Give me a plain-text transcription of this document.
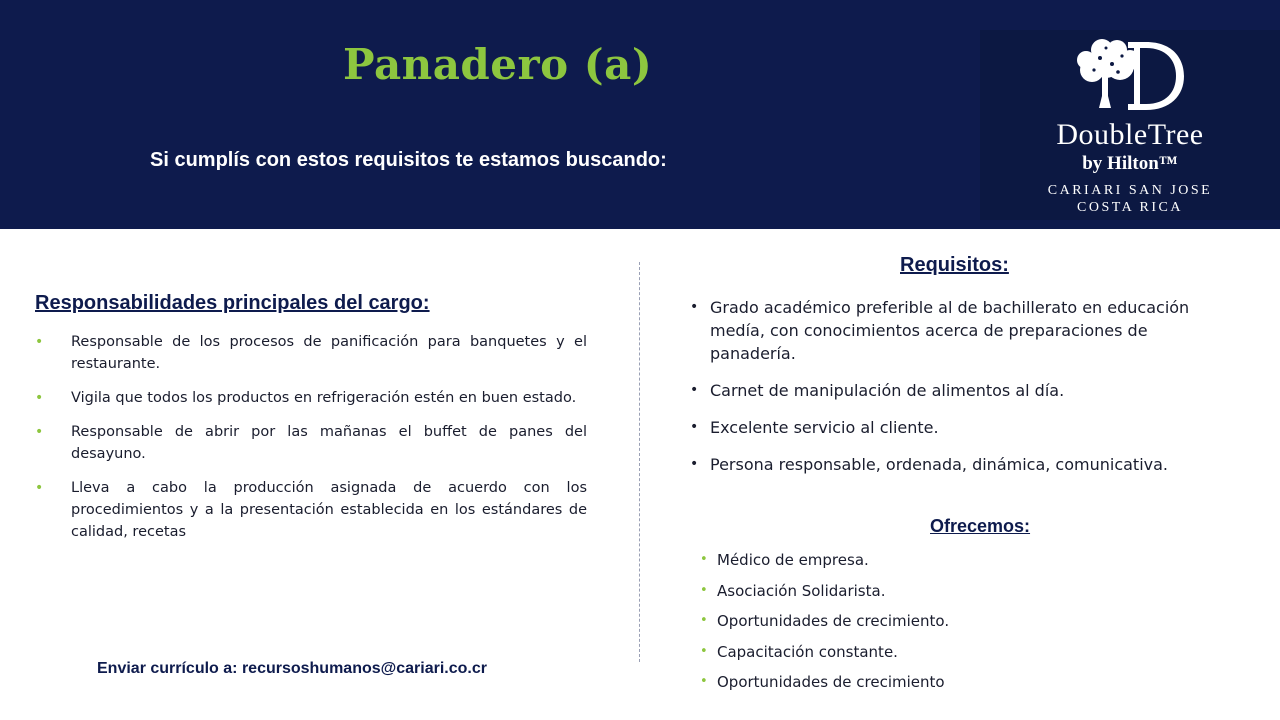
Panadero (a)
Si cumplís con estos requisitos te estamos buscando:
DoubleTree
by Hilton™
CARIARI SAN JOSE
COSTA RICA
Responsabilidades principales del cargo:
• Responsable de los procesos de panificación para banquetes y el restaurante.
• Vigila que todos los productos en refrigeración estén en buen estado.
• Responsable de abrir por las mañanas el buffet de panes del desayuno.
• Lleva a cabo la producción asignada de acuerdo con los procedimientos y a la presentación establecida en los estándares de calidad, recetas
Requisitos:
• Grado académico preferible al de bachillerato en educación medía, con conocimientos acerca de preparaciones de panadería.
• Carnet de manipulación de alimentos al día.
• Excelente servicio al cliente.
• Persona responsable, ordenada, dinámica, comunicativa.
Ofrecemos:
• Médico de empresa.
• Asociación Solidarista.
• Oportunidades de crecimiento.
• Capacitación constante.
• Oportunidades de crecimiento
Enviar currículo a: recursoshumanos@cariari.co.cr
